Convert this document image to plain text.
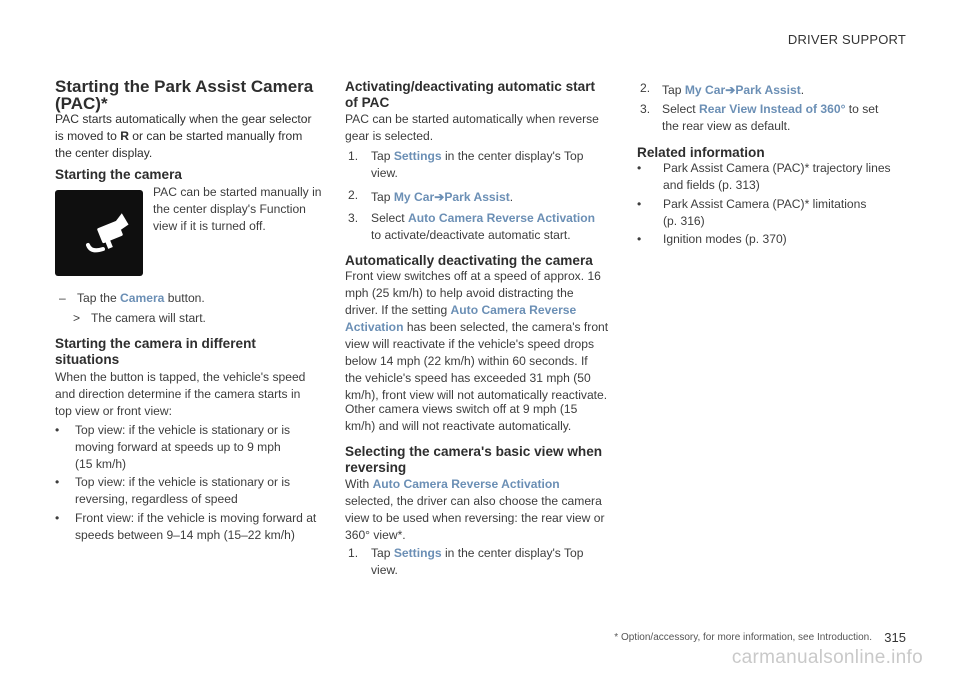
DRIVER SUPPORT
Starting the Park Assist Camera
(PAC)*
PAC starts automatically when the gear selector
is moved to R or can be started manually from
the center display.
Starting the camera
PAC can be started manually in
the center display's Function
view if it is turned off.
– Tap the Camera button.
> The camera will start.
Starting the camera in different
situations
When the button is tapped, the vehicle's speed
and direction determine if the camera starts in
top view or front view:
• Top view: if the vehicle is stationary or is
moving forward at speeds up to 9 mph
(15 km/h)
• Top view: if the vehicle is stationary or is
reversing, regardless of speed
• Front view: if the vehicle is moving forward at
speeds between 9–14 mph (15–22 km/h)
Activating/deactivating automatic start
of PAC
PAC can be started automatically when reverse
gear is selected.
1. Tap Settings in the center display's Top
view.
2. Tap My Car➔Park Assist.
3. Select Auto Camera Reverse Activation
to activate/deactivate automatic start.
Automatically deactivating the camera
Front view switches off at a speed of approx. 16
mph (25 km/h) to help avoid distracting the
driver. If the setting Auto Camera Reverse
Activation has been selected, the camera's front
view will reactivate if the vehicle's speed drops
below 14 mph (22 km/h) within 60 seconds. If
the vehicle's speed has exceeded 31 mph (50
km/h), front view will not automatically reactivate.
Other camera views switch off at 9 mph (15
km/h) and will not reactivate automatically.
Selecting the camera's basic view when
reversing
With Auto Camera Reverse Activation
selected, the driver can also choose the camera
view to be used when reversing: the rear view or
360° view*.
1. Tap Settings in the center display's Top
view.
2. Tap My Car➔Park Assist.
3. Select Rear View Instead of 360° to set
the rear view as default.
Related information
• Park Assist Camera (PAC)* trajectory lines
and fields (p. 313)
• Park Assist Camera (PAC)* limitations
(p. 316)
• Ignition modes (p. 370)
* Option/accessory, for more information, see Introduction. 315
carmanualsonline.info
